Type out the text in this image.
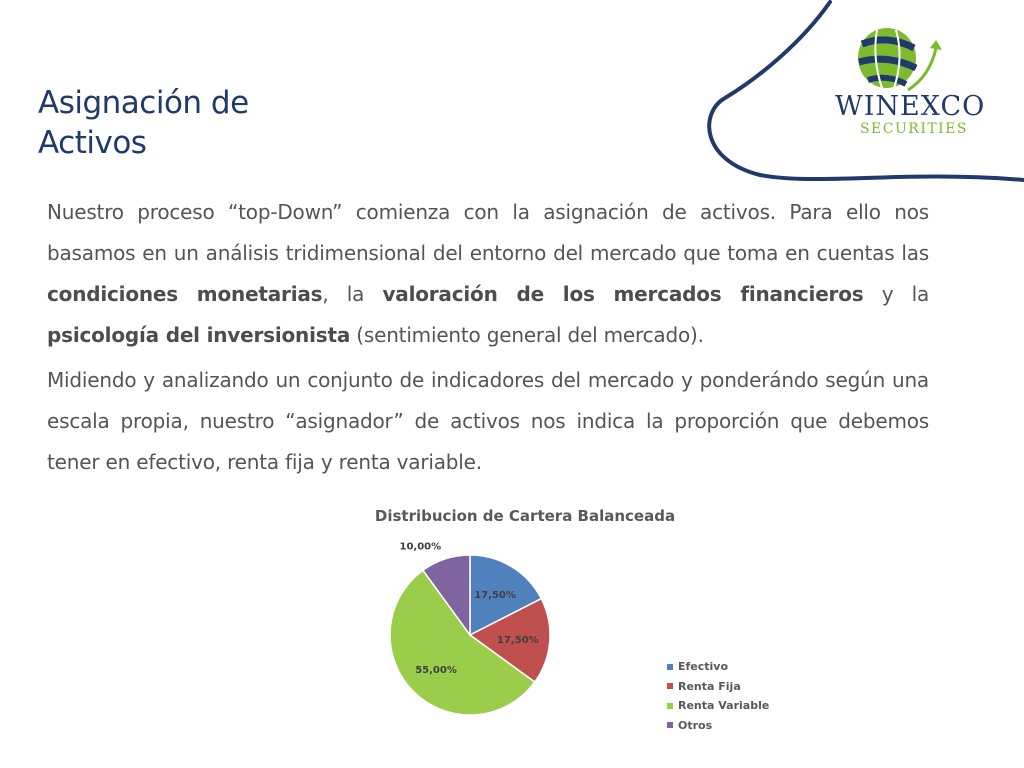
Asignación de
Activos
WINEXCO
SECURITIES

Nuestro proceso “top-Down” comienza con la asignación de activos. Para ello nos basamos en un análisis tridimensional del entorno del mercado que toma en cuentas las condiciones monetarias, la valoración de los mercados financieros y la psicología del inversionista (sentimiento general del mercado).

Midiendo y analizando un conjunto de indicadores del mercado y ponderándo según una escala propia, nuestro “asignador” de activos nos indica la proporción que debemos tener en efectivo, renta fija y renta variable.

Distribucion de Cartera Balanceada
17,50%
17,50%
55,00%
10,00%
Efectivo
Renta Fija
Renta Variable
Otros
